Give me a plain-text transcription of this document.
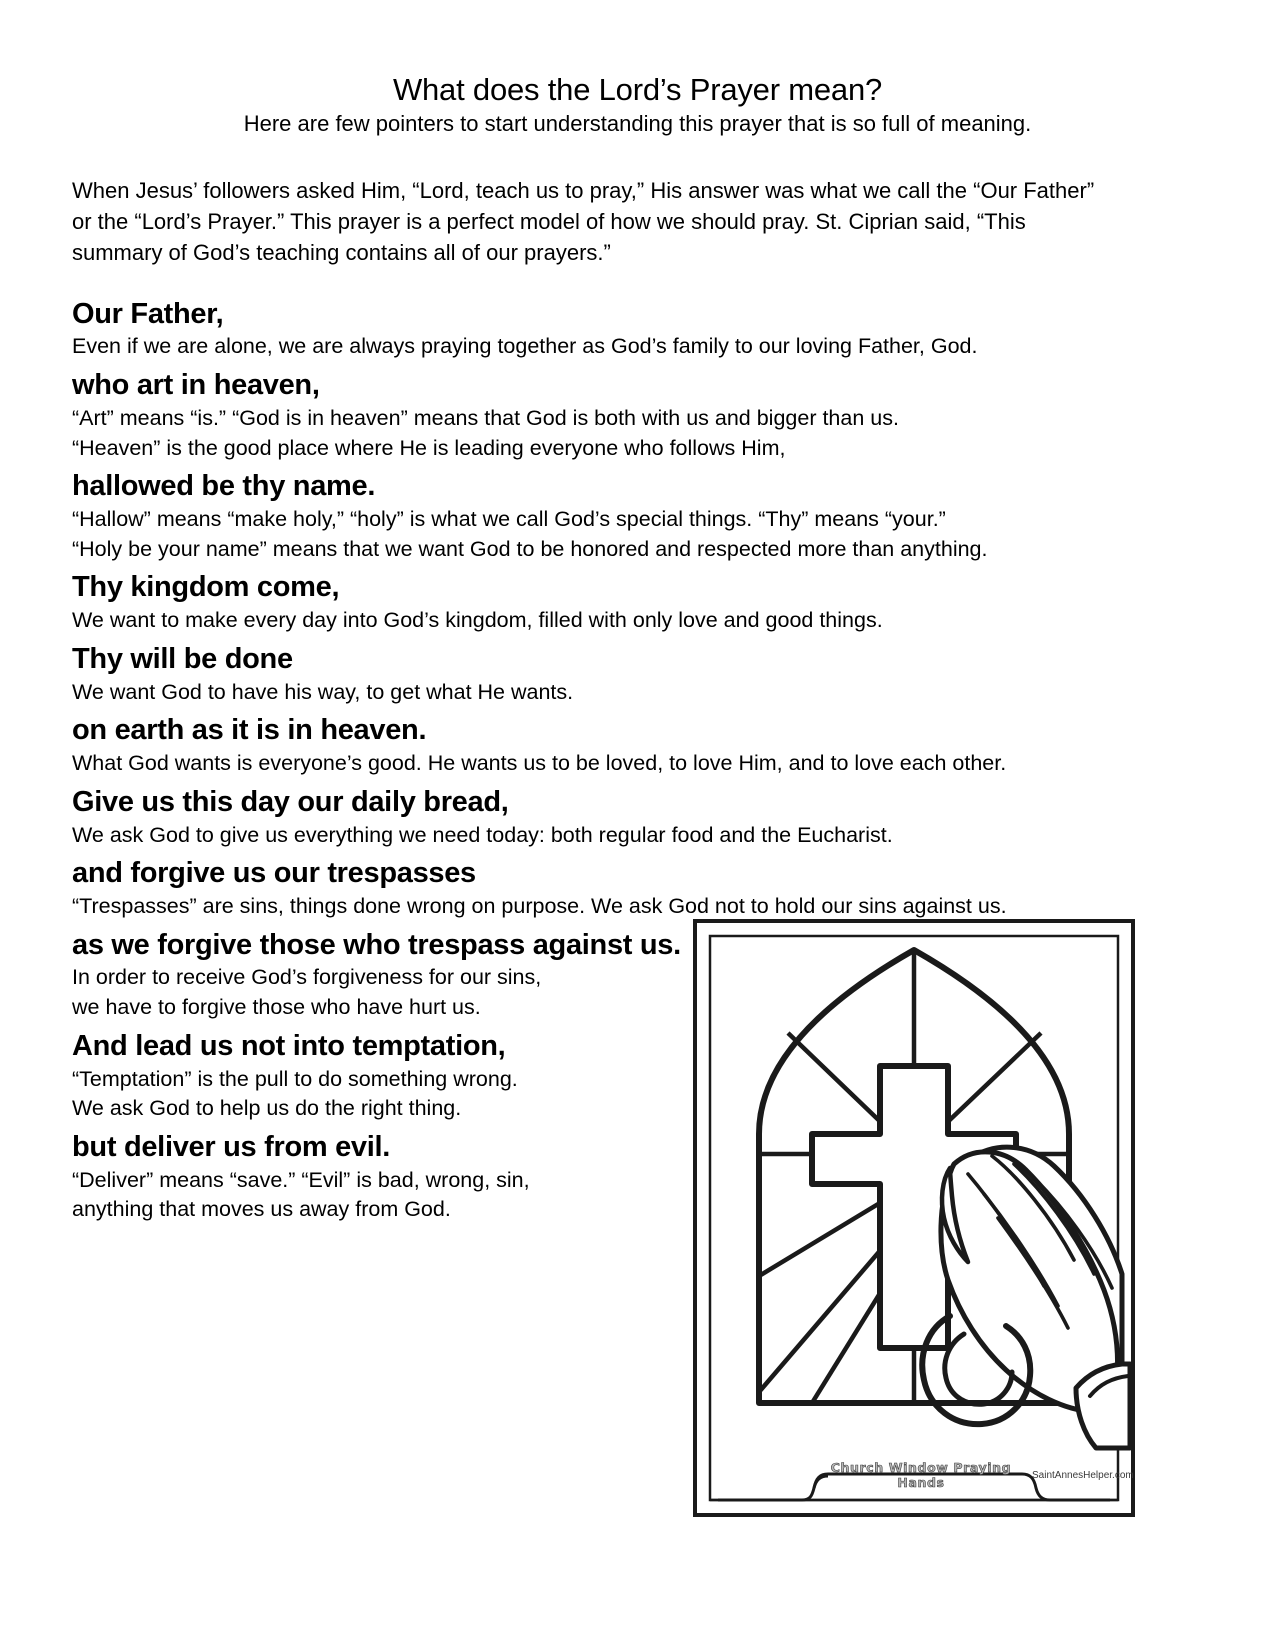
What does the Lord’s Prayer mean?
Here are few pointers to start understanding this prayer that is so full of meaning.

When Jesus’ followers asked Him, “Lord, teach us to pray,” His answer was what we call the “Our Father” or the “Lord’s Prayer.” This prayer is a perfect model of how we should pray. St. Ciprian said, “This summary of God’s teaching contains all of our prayers.”

Our Father,
Even if we are alone, we are always praying together as God’s family to our loving Father, God.
who art in heaven,
“Art” means “is.” “God is in heaven” means that God is both with us and bigger than us.
“Heaven” is the good place where He is leading everyone who follows Him,
hallowed be thy name.
“Hallow” means “make holy,” “holy” is what we call God’s special things. “Thy” means “your.”
“Holy be your name” means that we want God to be honored and respected more than anything.
Thy kingdom come,
We want to make every day into God’s kingdom, filled with only love and good things.
Thy will be done
We want God to have his way, to get what He wants.
on earth as it is in heaven.
What God wants is everyone’s good. He wants us to be loved, to love Him, and to love each other.
Give us this day our daily bread,
We ask God to give us everything we need today: both regular food and the Eucharist.
and forgive us our trespasses
“Trespasses” are sins, things done wrong on purpose. We ask God not to hold our sins against us.
as we forgive those who trespass against us.
In order to receive God’s forgiveness for our sins,
we have to forgive those who have hurt us.
And lead us not into temptation,
“Temptation” is the pull to do something wrong.
We ask God to help us do the right thing.
but deliver us from evil.
“Deliver” means “save.” “Evil” is bad, wrong, sin,
anything that moves us away from God.
Church Window Praying Hands	SaintAnnesHelper.com
